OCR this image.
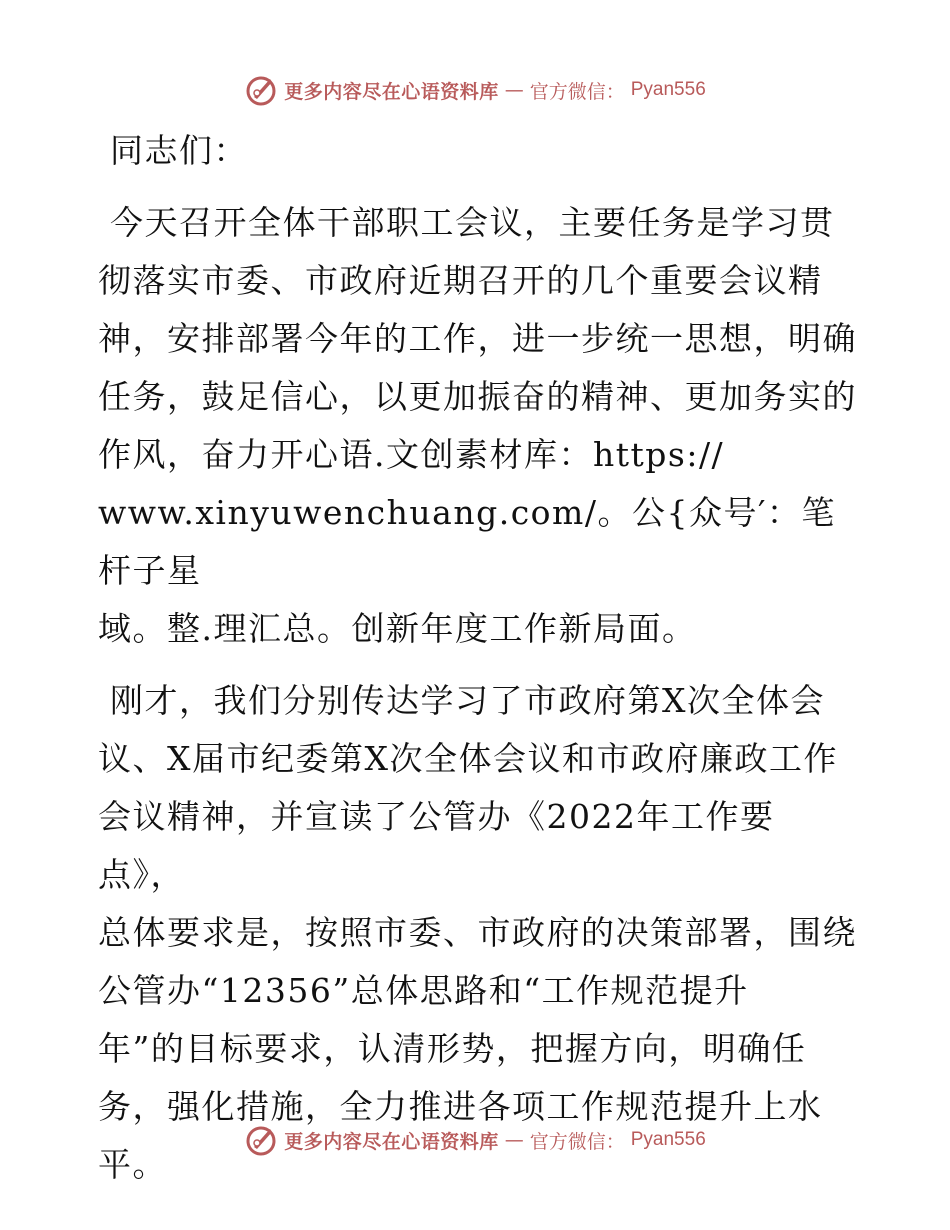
更多内容尽在心语资料库 — 官方微信： Pyan556

同志们：

今天召开全体干部职工会议，主要任务是学习贯
彻落实市委、市政府近期召开的几个重要会议精
神，安排部署今年的工作，进一步统一思想，明确
任务，鼓足信心，以更加振奋的精神、更加务实的
作风，奋力开心语.文创素材库：https://
www.xinyuwenchuang.com/。公{众号′：笔杆子星
域。整.理汇总。创新年度工作新局面。

刚才，我们分别传达学习了市政府第X次全体会
议、X届市纪委第X次全体会议和市政府廉政工作
会议精神，并宣读了公管办《2022年工作要点》，
总体要求是，按照市委、市政府的决策部署，围绕
公管办“12356”总体思路和“工作规范提升
年”的目标要求，认清形势，把握方向，明确任
务，强化措施，全力推进各项工作规范提升上水
平。

更多内容尽在心语资料库 — 官方微信： Pyan556
